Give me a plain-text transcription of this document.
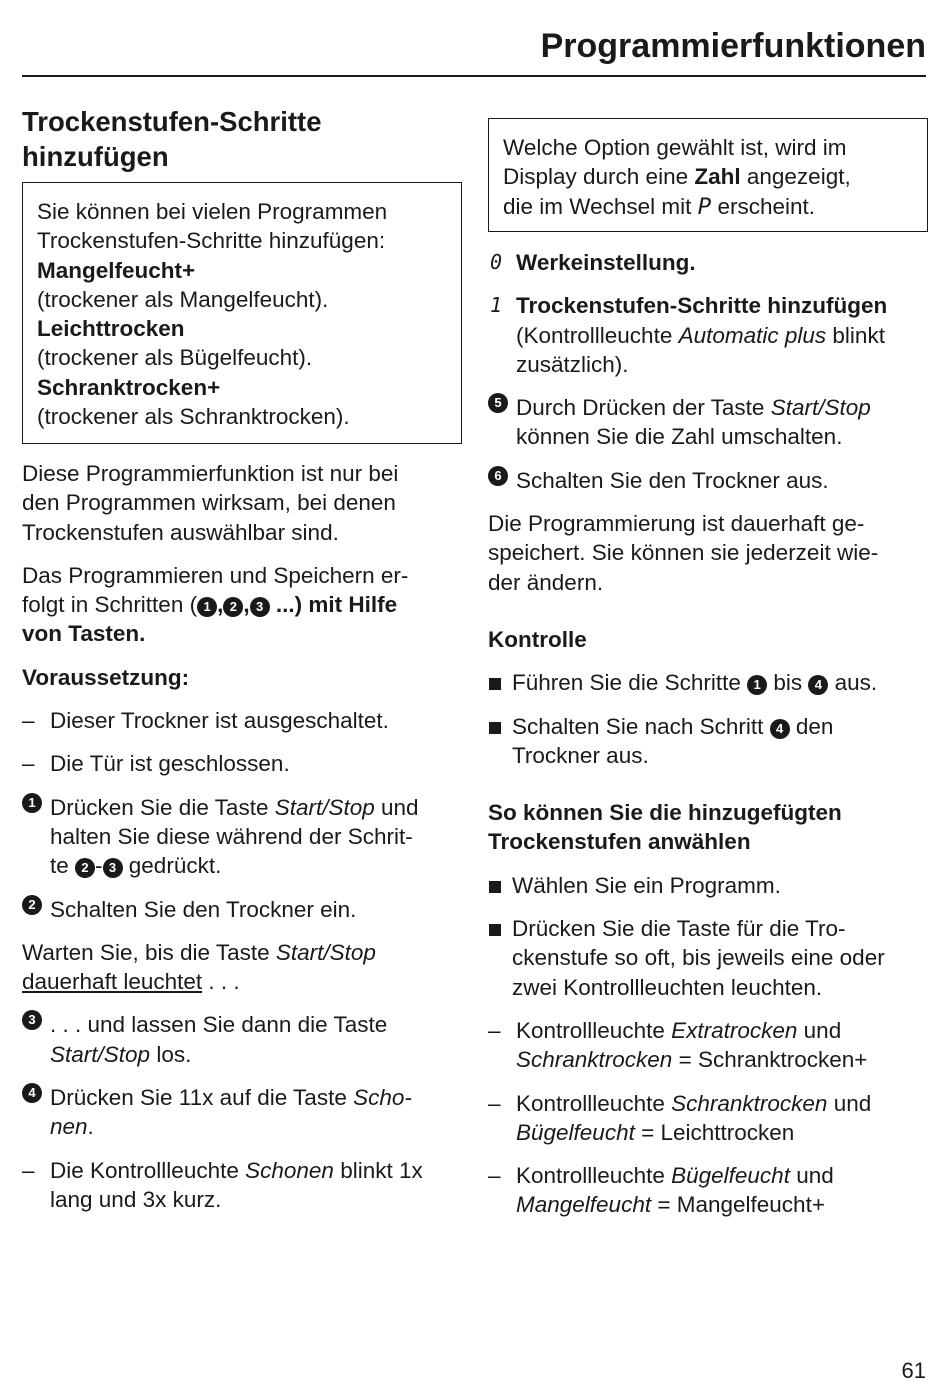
Programmierfunktionen

Trockenstufen-Schritte

hinzufügen

Sie können bei vielen Programmen

Trockenstufen-Schritte hinzufügen:

Mangelfeucht+

(trockener als Mangelfeucht).

Leichttrocken

(trockener als Bügelfeucht).

Schranktrocken+

(trockener als Schranktrocken).

Diese Programmierfunktion ist nur bei

den Programmen wirksam, bei denen

Trockenstufen auswählbar sind.

Das Programmieren und Speichern er-

folgt in Schritten ( 1 , 2 , 3 ...) mit Hilfe

von Tasten.

Voraussetzung:

– Dieser Trockner ist ausgeschaltet.

– Die Tür ist geschlossen.

1 Drücken Sie die Taste Start/Stop und

halten Sie diese während der Schrit-

te 2 - 3 gedrückt.

2 Schalten Sie den Trockner ein.

Warten Sie, bis die Taste Start/Stop

dauerhaft leuchtet . . .

3 . . . und lassen Sie dann die Taste

Start/Stop los.

4 Drücken Sie 11x auf die Taste Scho-

nen.

– Die Kontrollleuchte Schonen blinkt 1x

lang und 3x kurz.

Welche Option gewählt ist, wird im

Display durch eine Zahl angezeigt,

die im Wechsel mit P erscheint.

0 Werkeinstellung.

1 Trockenstufen-Schritte hinzufügen

(Kontrollleuchte Automatic plus blinkt

zusätzlich).

5 Durch Drücken der Taste Start/Stop

können Sie die Zahl umschalten.

6 Schalten Sie den Trockner aus.

Die Programmierung ist dauerhaft ge-

speichert. Sie können sie jederzeit wie-

der ändern.

Kontrolle

Führen Sie die Schritte 1 bis 4 aus.

Schalten Sie nach Schritt 4 den

Trockner aus.

So können Sie die hinzugefügten

Trockenstufen anwählen

Wählen Sie ein Programm.

Drücken Sie die Taste für die Tro-

ckenstufe so oft, bis jeweils eine oder

zwei Kontrollleuchten leuchten.

– Kontrollleuchte Extratrocken und

Schranktrocken = Schranktrocken+

– Kontrollleuchte Schranktrocken und

Bügelfeucht = Leichttrocken

– Kontrollleuchte Bügelfeucht und

Mangelfeucht = Mangelfeucht+

61
